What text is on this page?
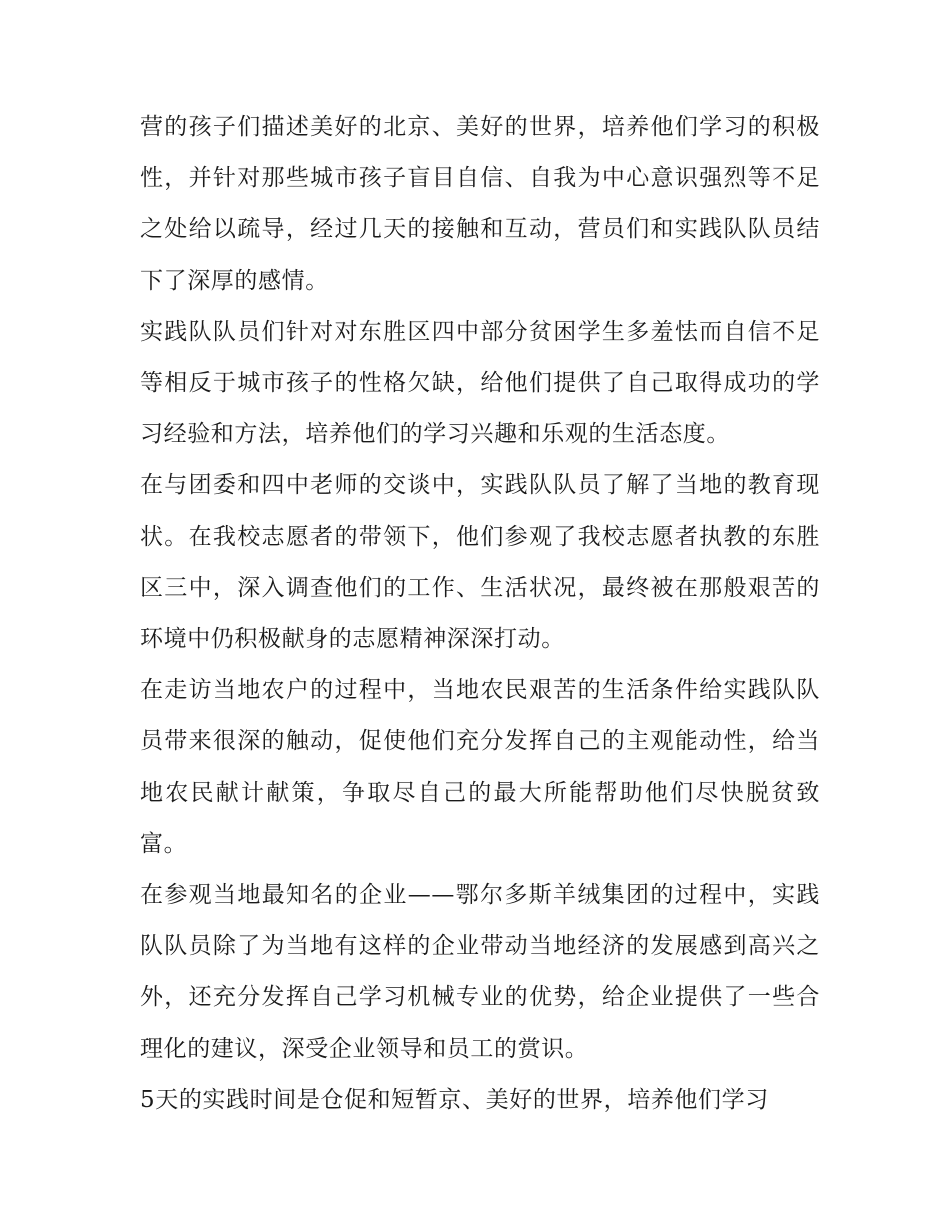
营的孩子们描述美好的北京、美好的世界，培养他们学习的积极性，并针对那些城市孩子盲目自信、自我为中心意识强烈等不足之处给以疏导，经过几天的接触和互动，营员们和实践队队员结下了深厚的感情。

实践队队员们针对对东胜区四中部分贫困学生多羞怯而自信不足等相反于城市孩子的性格欠缺，给他们提供了自己取得成功的学习经验和方法，培养他们的学习兴趣和乐观的生活态度。

在与团委和四中老师的交谈中，实践队队员了解了当地的教育现状。在我校志愿者的带领下，他们参观了我校志愿者执教的东胜区三中，深入调查他们的工作、生活状况，最终被在那般艰苦的环境中仍积极献身的志愿精神深深打动。

在走访当地农户的过程中，当地农民艰苦的生活条件给实践队队员带来很深的触动，促使他们充分发挥自己的主观能动性，给当地农民献计献策，争取尽自己的最大所能帮助他们尽快脱贫致富。

在参观当地最知名的企业——鄂尔多斯羊绒集团的过程中，实践队队员除了为当地有这样的企业带动当地经济的发展感到高兴之外，还充分发挥自己学习机械专业的优势，给企业提供了一些合理化的建议，深受企业领导和员工的赏识。

5天的实践时间是仓促和短暂京、美好的世界，培养他们学习
